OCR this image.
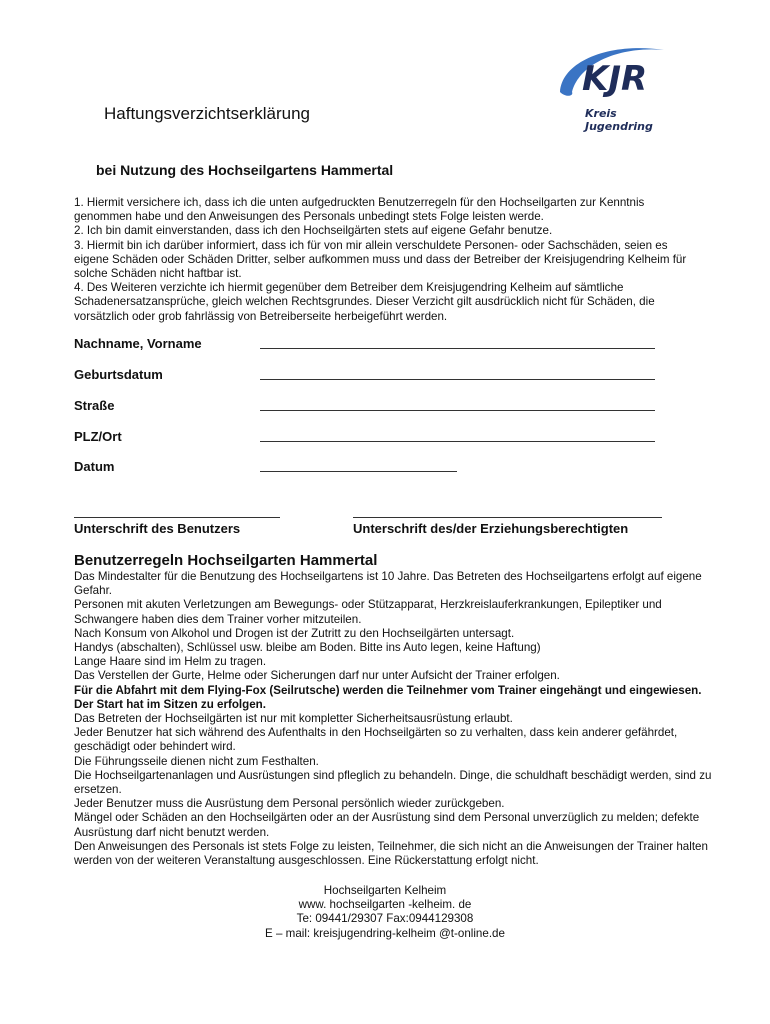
KJR
Kreis
Jugendring
Haftungsverzichtserklärung
bei Nutzung des Hochseilgartens Hammertal

1. Hiermit versichere ich, dass ich die unten aufgedruckten Benutzerregeln für den Hochseilgarten zur Kenntnis genommen habe und den Anweisungen des Personals unbedingt stets Folge leisten werde.

2. Ich bin damit einverstanden, dass ich den Hochseilgärten stets auf eigene Gefahr benutze.

3. Hiermit bin ich darüber informiert, dass ich für von mir allein verschuldete Personen- oder Sachschäden, seien es eigene Schäden oder Schäden Dritter, selber aufkommen muss und dass der Betreiber der Kreisjugendring Kelheim für solche Schäden nicht haftbar ist.

4. Des Weiteren verzichte ich hiermit gegenüber dem Betreiber dem Kreisjugendring Kelheim auf sämtliche Schadenersatzansprüche, gleich welchen Rechtsgrundes. Dieser Verzicht gilt ausdrücklich nicht für Schäden, die vorsätzlich oder grob fahrlässig von Betreiberseite herbeigeführt werden.

Nachname, Vorname
Geburtsdatum
Straße
PLZ/Ort
Datum
Unterschrift des Benutzers	Unterschrift des/der Erziehungsberechtigten
Benutzerregeln Hochseilgarten Hammertal

Das Mindestalter für die Benutzung des Hochseilgartens ist 10 Jahre. Das Betreten des Hochseilgartens erfolgt auf eigene Gefahr.

Personen mit akuten Verletzungen am Bewegungs- oder Stützapparat, Herzkreislauferkrankungen, Epileptiker und Schwangere haben dies dem Trainer vorher mitzuteilen.

Nach Konsum von Alkohol und Drogen ist der Zutritt zu den Hochseilgärten untersagt.

Handys (abschalten), Schlüssel usw. bleibe am Boden. Bitte ins Auto legen, keine Haftung)

Lange Haare sind im Helm zu tragen.

Das Verstellen der Gurte, Helme oder Sicherungen darf nur unter Aufsicht der Trainer erfolgen.

Für die Abfahrt mit dem Flying-Fox (Seilrutsche) werden die Teilnehmer vom Trainer eingehängt und eingewiesen. Der Start hat im Sitzen zu erfolgen.

Das Betreten der Hochseilgärten ist nur mit kompletter Sicherheitsausrüstung erlaubt.

Jeder Benutzer hat sich während des Aufenthalts in den Hochseilgärten so zu verhalten, dass kein anderer gefährdet, geschädigt oder behindert wird.

Die Führungsseile dienen nicht zum Festhalten.

Die Hochseilgartenanlagen und Ausrüstungen sind pfleglich zu behandeln. Dinge, die schuldhaft beschädigt werden, sind zu ersetzen.

Jeder Benutzer muss die Ausrüstung dem Personal persönlich wieder zurückgeben.

Mängel oder Schäden an den Hochseilgärten oder an der Ausrüstung sind dem Personal unverzüglich zu melden; defekte Ausrüstung darf nicht benutzt werden.

Den Anweisungen des Personals ist stets Folge zu leisten, Teilnehmer, die sich nicht an die Anweisungen der Trainer halten werden von der weiteren Veranstaltung ausgeschlossen. Eine Rückerstattung erfolgt nicht.

Hochseilgarten Kelheim
www. hochseilgarten -kelheim. de
Te: 09441/29307 Fax:0944129308
E – mail: kreisjugendring-kelheim @t-online.de
